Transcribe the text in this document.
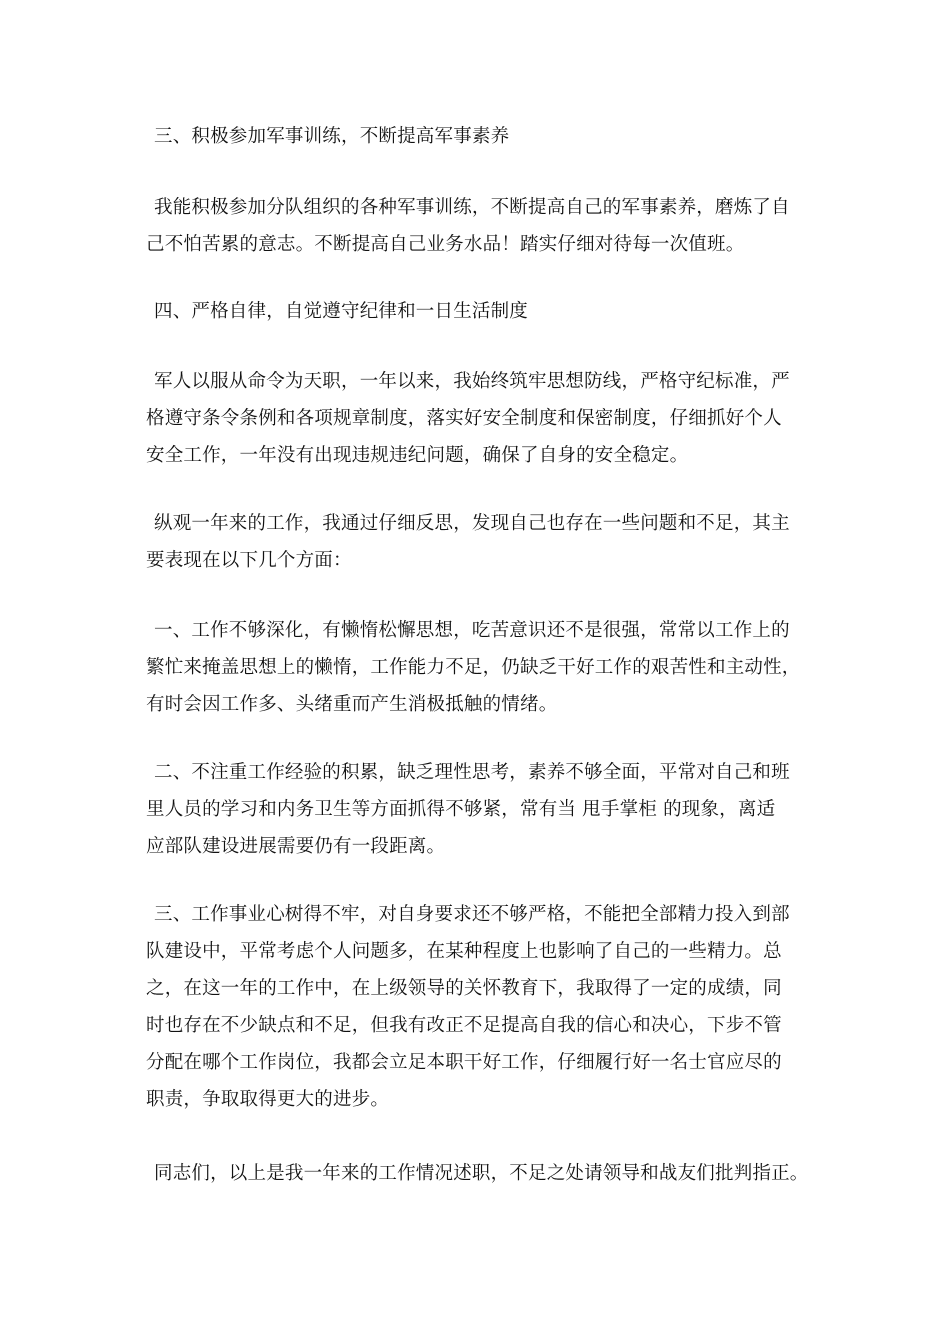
三、积极参加军事训练，不断提高军事素养

我能积极参加分队组织的各种军事训练，不断提高自己的军事素养，磨炼了自
己不怕苦累的意志。不断提高自己业务水品！踏实仔细对待每一次值班。

四、严格自律，自觉遵守纪律和一日生活制度

军人以服从命令为天职，一年以来，我始终筑牢思想防线，严格守纪标准，严
格遵守条令条例和各项规章制度，落实好安全制度和保密制度，仔细抓好个人
安全工作，一年没有出现违规违纪问题，确保了自身的安全稳定。

纵观一年来的工作，我通过仔细反思，发现自己也存在一些问题和不足，其主
要表现在以下几个方面：

一、工作不够深化，有懒惰松懈思想，吃苦意识还不是很强，常常以工作上的
繁忙来掩盖思想上的懒惰，工作能力不足，仍缺乏干好工作的艰苦性和主动性，
有时会因工作多、头绪重而产生消极抵触的情绪。

二、不注重工作经验的积累，缺乏理性思考，素养不够全面，平常对自己和班
里人员的学习和内务卫生等方面抓得不够紧，常有当 甩手掌柜 的现象，离适
应部队建设进展需要仍有一段距离。

三、工作事业心树得不牢，对自身要求还不够严格，不能把全部精力投入到部
队建设中，平常考虑个人问题多，在某种程度上也影响了自己的一些精力。总
之，在这一年的工作中，在上级领导的关怀教育下，我取得了一定的成绩，同
时也存在不少缺点和不足，但我有改正不足提高自我的信心和决心，下步不管
分配在哪个工作岗位，我都会立足本职干好工作，仔细履行好一名士官应尽的
职责，争取取得更大的进步。

同志们，以上是我一年来的工作情况述职，不足之处请领导和战友们批判指正。
